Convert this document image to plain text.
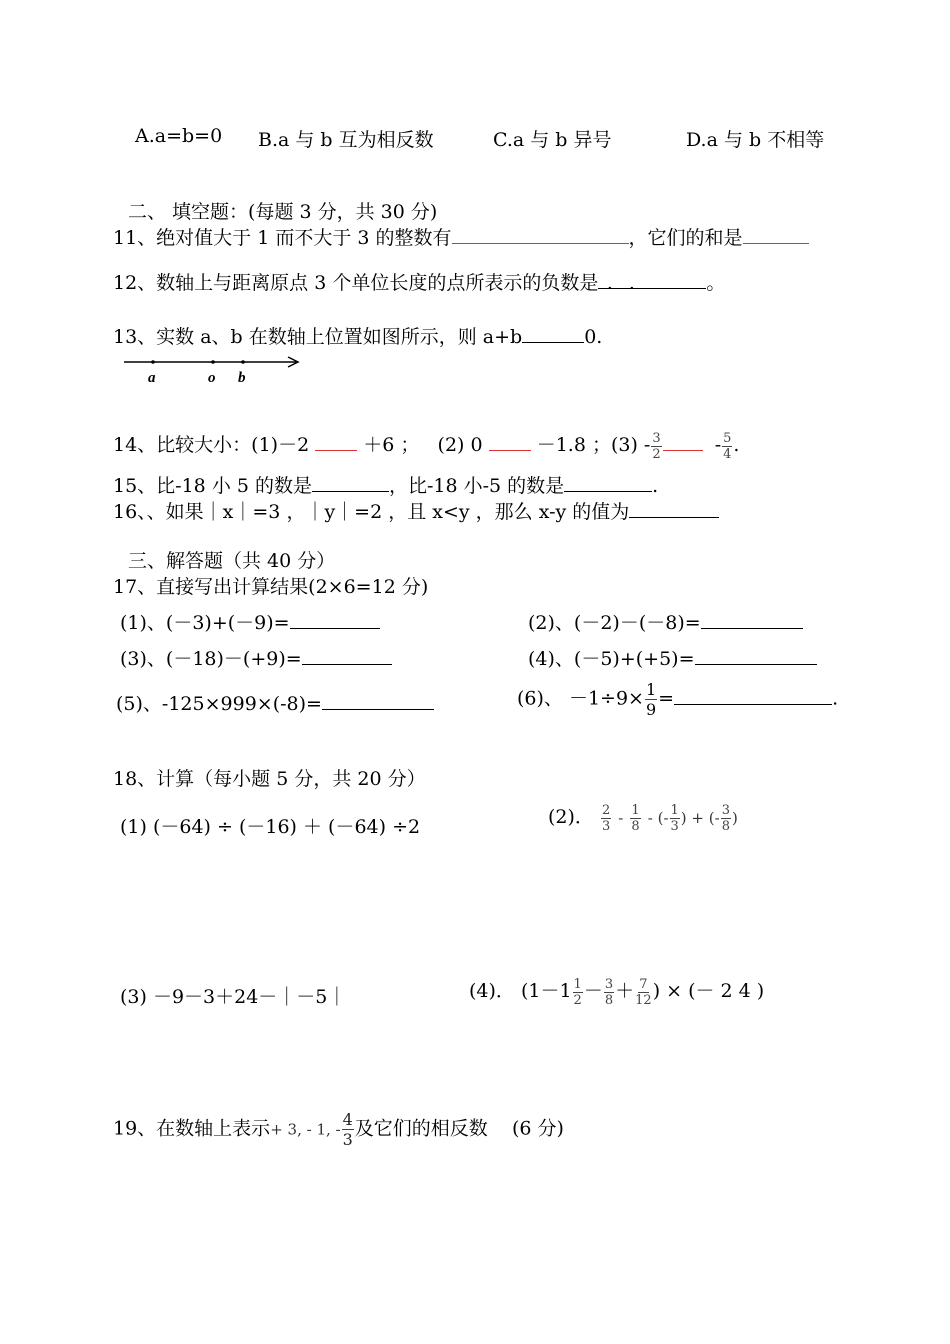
A.a=b=0 B.a 与 b 互为相反数	C.a 与 b 异号	D.a 与 b 不相等
二、 填空题：(每题 3 分，共 30 分)
11、绝对值大于 1 而不大于 3 的整数有	，它们的和是
12、数轴上与距离原点 3 个单位长度的点所表示的负数是	。
· ·
13、实数 a、b 在数轴上位置如图所示，则 a+b	0.
a	o b
14、比较大小：(1)－2	＋6 ； (2) 0	－1.8 ；$(3) - \frac{3}{2}$	- $\frac{5}{4}$ .
15、比-18 小 5 的数是	，比-18 小-5 的数是	.
16、、如果｜x｜=3 ，｜y｜=2 ，且 x<y ，那么 x-y 的值为
三、解答题（共 40 分）
17、直接写出计算结果(2×6=12 分)
(1)、(－3)+(－9)=	(2)、(－2)－(－8)=
(3)、(－18)－(+9)=	(4)、(－5)+(+5)=
(5)、-125×999×(-8)=	(6)、 $-1\div 9\times \frac{1}{9}$ =	.
18、计算（每小题 5 分，共 20 分）
(1) (－64) ÷ (－16) ＋ (－64) ÷2	(2)． $\frac{2}{3} - \frac{1}{8}$ - (- $\frac{1}{3}$ ) + (- $\frac{3}{8}$ )
(3) －9－3＋24－｜－5｜	(4)． ($1-1 \frac{1}{2} - \frac{3}{8} + \frac{7}{12}$ ) × (－ 2 4 )
19、在数轴上表示+ 3, - 1, - $\frac{4}{3}$ 及它们的相反数 (6 分)
